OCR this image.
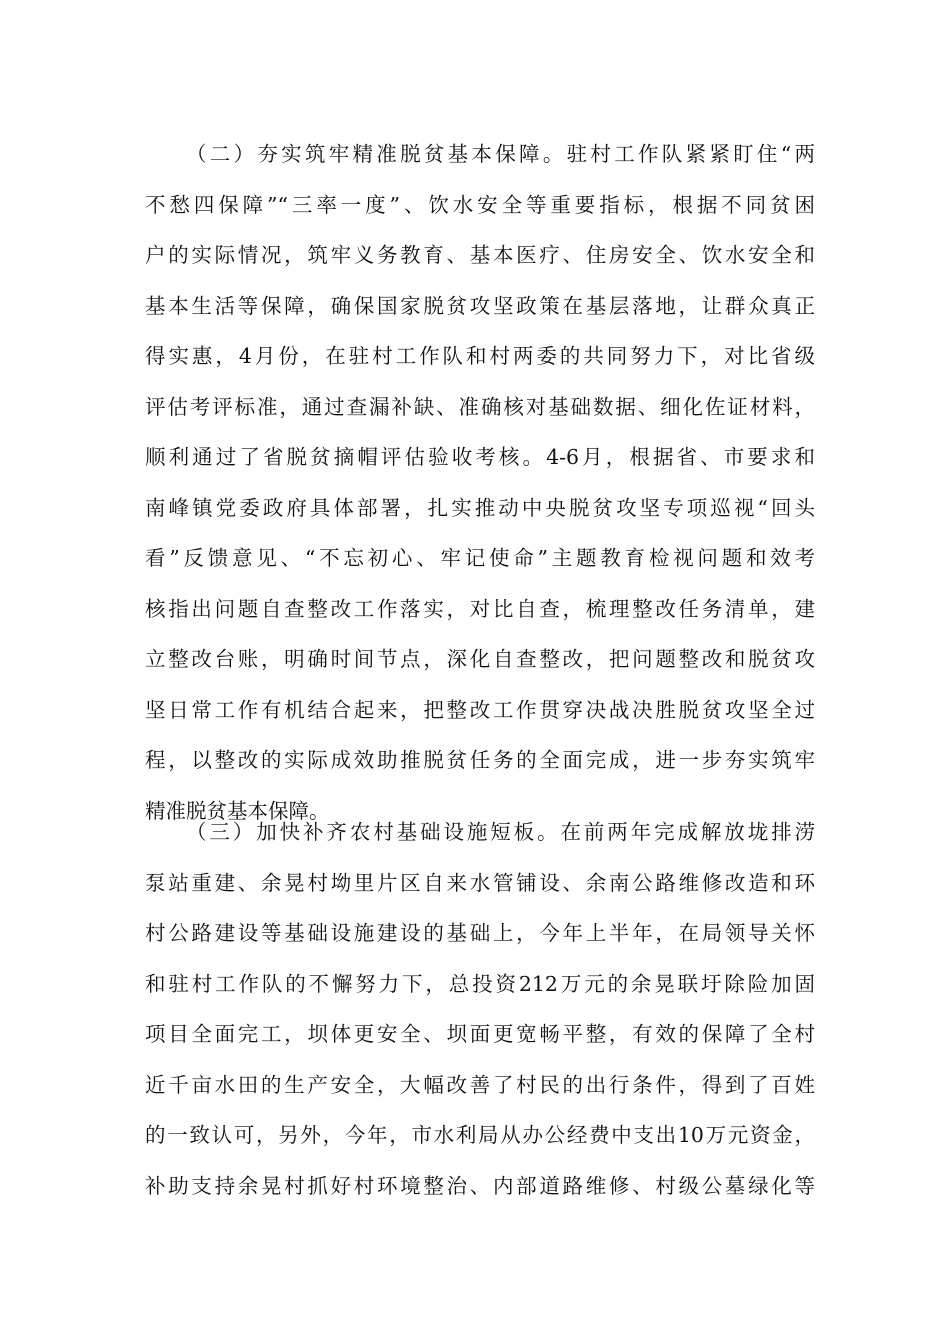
（二）夯实筑牢精准脱贫基本保障。驻村工作队紧紧盯住“两
不愁四保障”“三率一度”、饮水安全等重要指标，根据不同贫困
户的实际情况，筑牢义务教育、基本医疗、住房安全、饮水安全和
基本生活等保障，确保国家脱贫攻坚政策在基层落地，让群众真正
得实惠，4月份，在驻村工作队和村两委的共同努力下，对比省级
评估考评标准，通过查漏补缺、准确核对基础数据、细化佐证材料，
顺利通过了省脱贫摘帽评估验收考核。4-6月，根据省、市要求和
南峰镇党委政府具体部署，扎实推动中央脱贫攻坚专项巡视“回头
看”反馈意见、“不忘初心、牢记使命”主题教育检视问题和效考
核指出问题自查整改工作落实，对比自查，梳理整改任务清单，建
立整改台账，明确时间节点，深化自查整改，把问题整改和脱贫攻
坚日常工作有机结合起来，把整改工作贯穿决战决胜脱贫攻坚全过
程，以整改的实际成效助推脱贫任务的全面完成，进一步夯实筑牢
精准脱贫基本保障。
（三）加快补齐农村基础设施短板。在前两年完成解放垅排涝
泵站重建、余晃村坳里片区自来水管铺设、余南公路维修改造和环
村公路建设等基础设施建设的基础上，今年上半年，在局领导关怀
和驻村工作队的不懈努力下，总投资212万元的余晃联圩除险加固
项目全面完工，坝体更安全、坝面更宽畅平整，有效的保障了全村
近千亩水田的生产安全，大幅改善了村民的出行条件，得到了百姓
的一致认可，另外，今年，市水利局从办公经费中支出10万元资金，
补助支持余晃村抓好村环境整治、内部道路维修、村级公墓绿化等
